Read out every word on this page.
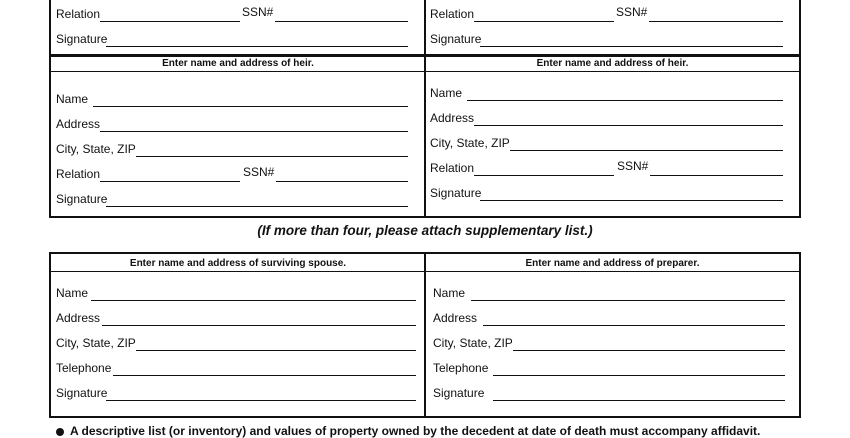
Relation	SSN#
Signature
Relation	SSN#
Signature
Enter name and address of heir.	Enter name and address of heir.
Name
Address
City, State, ZIP
Relation	SSN#
Signature
Name
Address
City, State, ZIP
Relation	SSN#
Signature
(If more than four, please attach supplementary list.)
Enter name and address of surviving spouse.	Enter name and address of preparer.
Name
Address
City, State, ZIP
Telephone
Signature
Name
Address
City, State, ZIP
Telephone
Signature
A descriptive list (or inventory) and values of property owned by the decedent at date of death must accompany affidavit.
